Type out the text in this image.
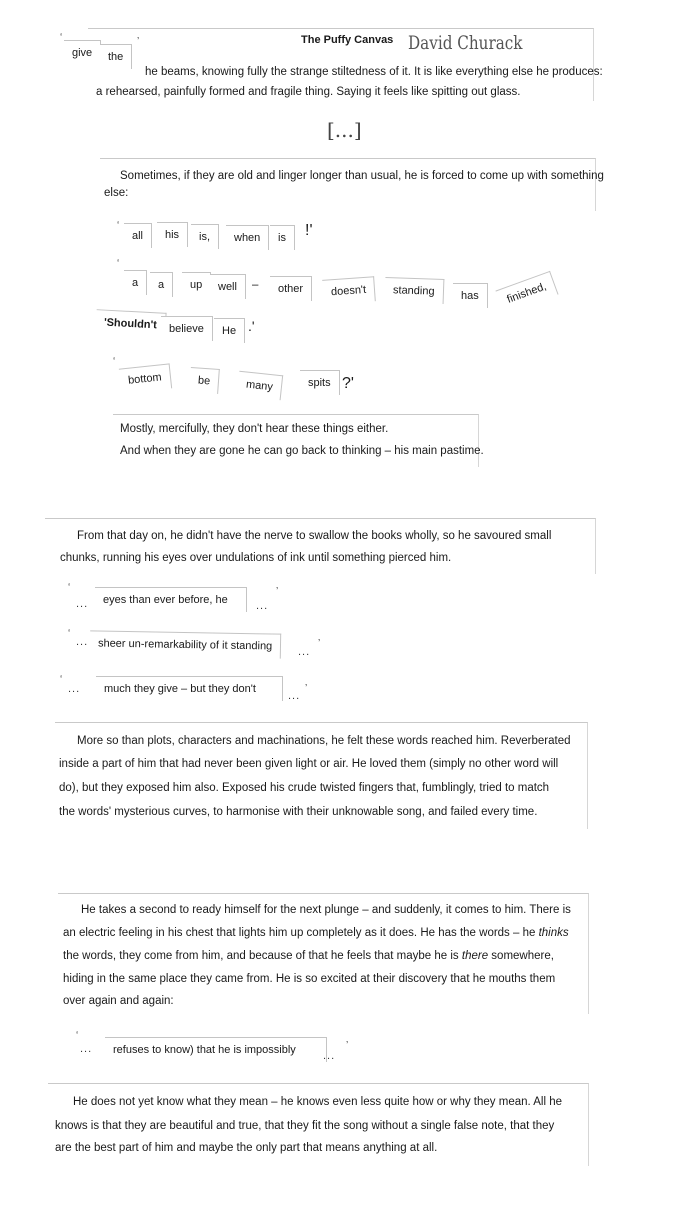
‘
give	the
’	The Puffy Canvas David Churack
he beams, knowing fully the strange stiltedness of it. It is like everything else he produces:
a rehearsed, painfully formed and fragile thing. Saying it feels like spitting out glass.
[...]
Sometimes, if they are old and linger longer than usual, he is forced to come up with something
else:
‘
all	his	is,	when	is	!'
‘
a	a	up	well	–	other	doesn't	standing	has	finished,
'Shouldn't	believe	He .'
‘
bottom	be	many	spits ?'
Mostly, mercifully, they don't hear these things either.
And when they are gone he can go back to thinking – his main pastime.
From that day on, he didn't have the nerve to swallow the books wholly, so he savoured small
chunks, running his eyes over undulations of ink until something pierced him.
‘
...	eyes than ever before, he	...
’
‘
... sheer un-remarkability of it standing	...
’
‘
...	much they give – but they don't
...
’
More so than plots, characters and machinations, he felt these words reached him. Reverberated
inside a part of him that had never been given light or air. He loved them (simply no other word will
do), but they exposed him also. Exposed his crude twisted fingers that, fumblingly, tried to match
the words' mysterious curves, to harmonise with their unknowable song, and failed every time.
He takes a second to ready himself for the next plunge – and suddenly, it comes to him. There is
an electric feeling in his chest that lights him up completely as it does. He has the words – he thinks
the words, they come from him, and because of that he feels that maybe he is there somewhere,
hiding in the same place they came from. He is so excited at their discovery that he mouths them
over again and again:
‘
...	refuses to know) that he is impossibly	...
’
He does not yet know what they mean – he knows even less quite how or why they mean. All he
knows is that they are beautiful and true, that they fit the song without a single false note, that they
are the best part of him and maybe the only part that means anything at all.
